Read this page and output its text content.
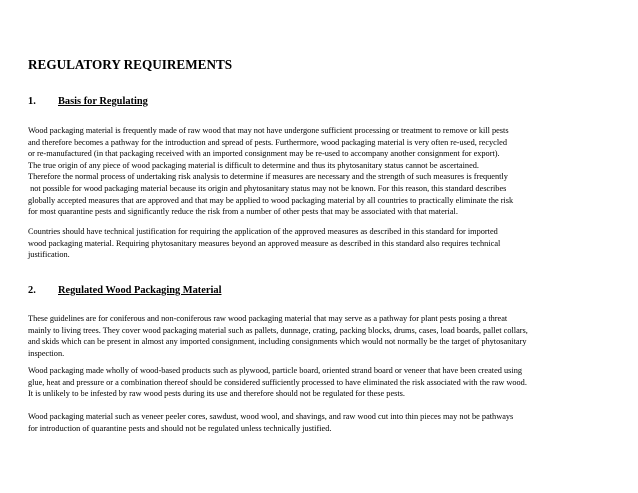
REGULATORY REQUIREMENTS
1. Basis for Regulating
Wood packaging material is frequently made of raw wood that may not have undergone sufficient processing or treatment to remove or kill pests
and therefore becomes a pathway for the introduction and spread of pests. Furthermore, wood packaging material is very often re-used, recycled
or re-manufactured (in that packaging received with an imported consignment may be re-used to accompany another consignment for export).
The true origin of any piece of wood packaging material is difficult to determine and thus its phytosanitary status cannot be ascertained.
Therefore the normal process of undertaking risk analysis to determine if measures are necessary and the strength of such measures is frequently
not possible for wood packaging material because its origin and phytosanitary status may not be known. For this reason, this standard describes
globally accepted measures that are approved and that may be applied to wood packaging material by all countries to practically eliminate the risk
for most quarantine pests and significantly reduce the risk from a number of other pests that may be associated with that material.
Countries should have technical justification for requiring the application of the approved measures as described in this standard for imported
wood packaging material. Requiring phytosanitary measures beyond an approved measure as described in this standard also requires technical
justification.
2. Regulated Wood Packaging Material
These guidelines are for coniferous and non-coniferous raw wood packaging material that may serve as a pathway for plant pests posing a threat
mainly to living trees. They cover wood packaging material such as pallets, dunnage, crating, packing blocks, drums, cases, load boards, pallet collars,
and skids which can be present in almost any imported consignment, including consignments which would not normally be the target of phytosanitary
inspection.
Wood packaging made wholly of wood-based products such as plywood, particle board, oriented strand board or veneer that have been created using
glue, heat and pressure or a combination thereof should be considered sufficiently processed to have eliminated the risk associated with the raw wood.
It is unlikely to be infested by raw wood pests during its use and therefore should not be regulated for these pests.
Wood packaging material such as veneer peeler cores, sawdust, wood wool, and shavings, and raw wood cut into thin pieces may not be pathways
for introduction of quarantine pests and should not be regulated unless technically justified.
